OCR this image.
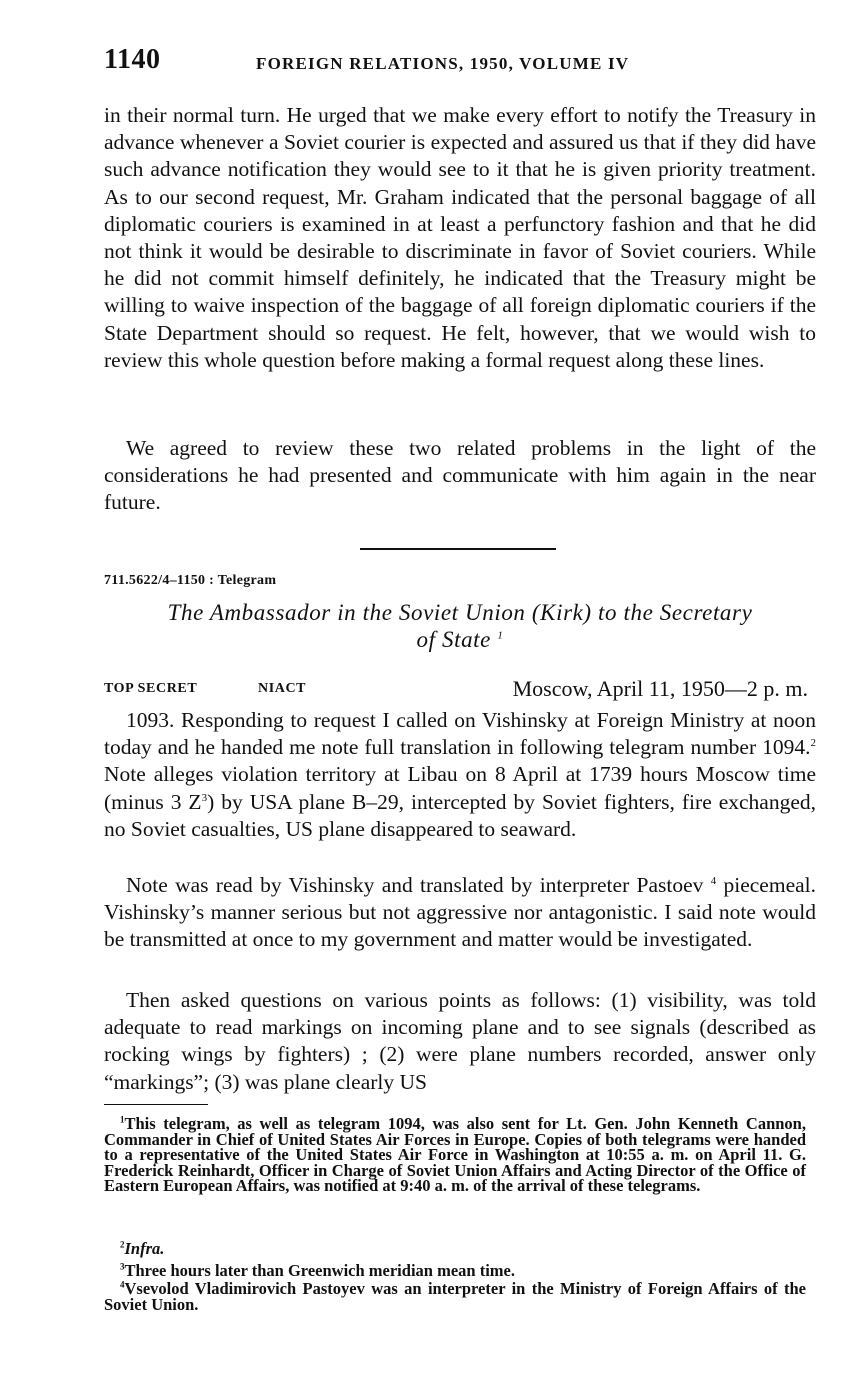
1140	FOREIGN RELATIONS, 1950, VOLUME IV

in their normal turn. He urged that we make every effort to notify the Treasury in advance whenever a Soviet courier is expected and assured us that if they did have such advance notification they would see to it that he is given priority treatment. As to our second request, Mr. Graham indicated that the personal baggage of all diplomatic couriers is examined in at least a perfunctory fashion and that he did not think it would be desirable to discriminate in favor of Soviet couriers. While he did not commit himself definitely, he indicated that the Treasury might be willing to waive inspection of the baggage of all foreign diplomatic couriers if the State Department should so request. He felt, however, that we would wish to review this whole question before making a formal request along these lines.

We agreed to review these two related problems in the light of the considerations he had presented and communicate with him again in the near future.

711.5622/4–1150 : Telegram
The Ambassador in the Soviet Union (Kirk) to the Secretary
of State $^1$
TOP SECRET	NIACT	Moscow, April 11, 1950—2 p. m.

1093. Responding to request I called on Vishinsky at Foreign Ministry at noon today and he handed me note full translation in following telegram number 1094.$^2$ Note alleges violation territory at Libau on 8 April at 1739 hours Moscow time (minus 3 $Z^3$) by USA plane B–29, intercepted by Soviet fighters, fire exchanged, no Soviet casualties, US plane disappeared to seaward.

Note was read by Vishinsky and translated by interpreter Pastoev $^4$ piecemeal. Vishinsky’s manner serious but not aggressive nor antagonistic. I said note would be transmitted at once to my government and matter would be investigated.

Then asked questions on various points as follows: (1) visibility, was told adequate to read markings on incoming plane and to see signals (described as rocking wings by fighters) ; (2) were plane numbers recorded, answer only “markings”; (3) was plane clearly US

$^1$This telegram, as well as telegram 1094, was also sent for Lt. Gen. John Kenneth Cannon, Commander in Chief of United States Air Forces in Europe. Copies of both telegrams were handed to a representative of the United States Air Force in Washington at 10:55 a. m. on April 11. G. Frederick Reinhardt, Officer in Charge of Soviet Union Affairs and Acting Director of the Office of Eastern European Affairs, was notified at 9:40 a. m. of the arrival of these telegrams.

$^2$Infra.

$^3$Three hours later than Greenwich meridian mean time.

$^4$Vsevolod Vladimirovich Pastoyev was an interpreter in the Ministry of Foreign Affairs of the Soviet Union.
